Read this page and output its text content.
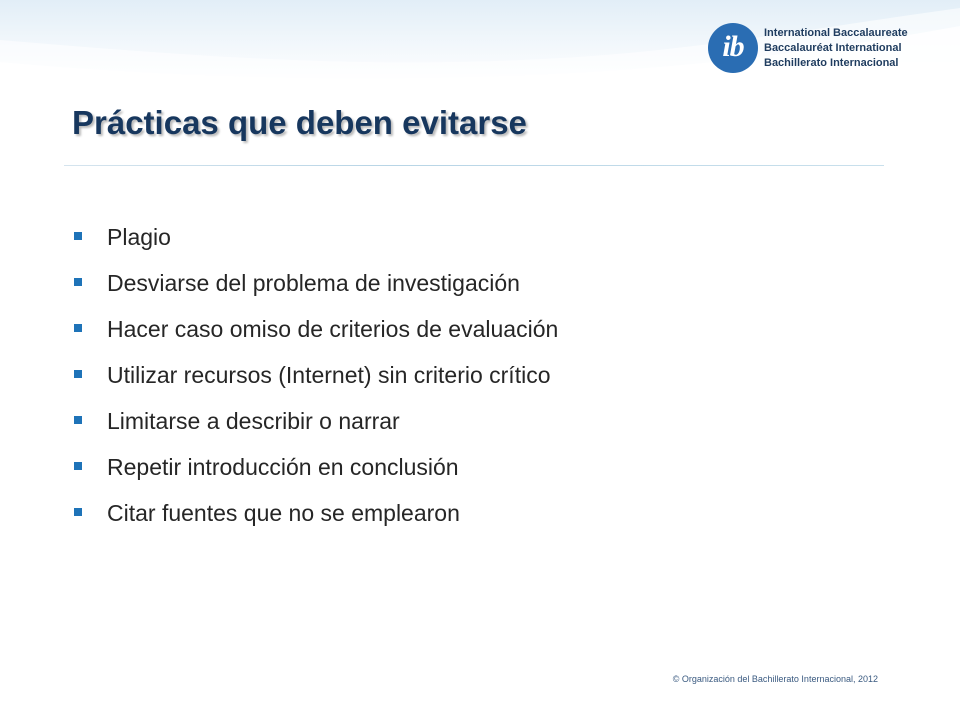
ib	International Baccalaureate
Baccalauréat International
Bachillerato Internacional
Prácticas que deben evitarse
Plagio
Desviarse del problema de investigación
Hacer caso omiso de criterios de evaluación
Utilizar recursos (Internet) sin criterio crítico
Limitarse a describir o narrar
Repetir introducción en conclusión
Citar fuentes que no se emplearon
© Organización del Bachillerato Internacional, 2012
